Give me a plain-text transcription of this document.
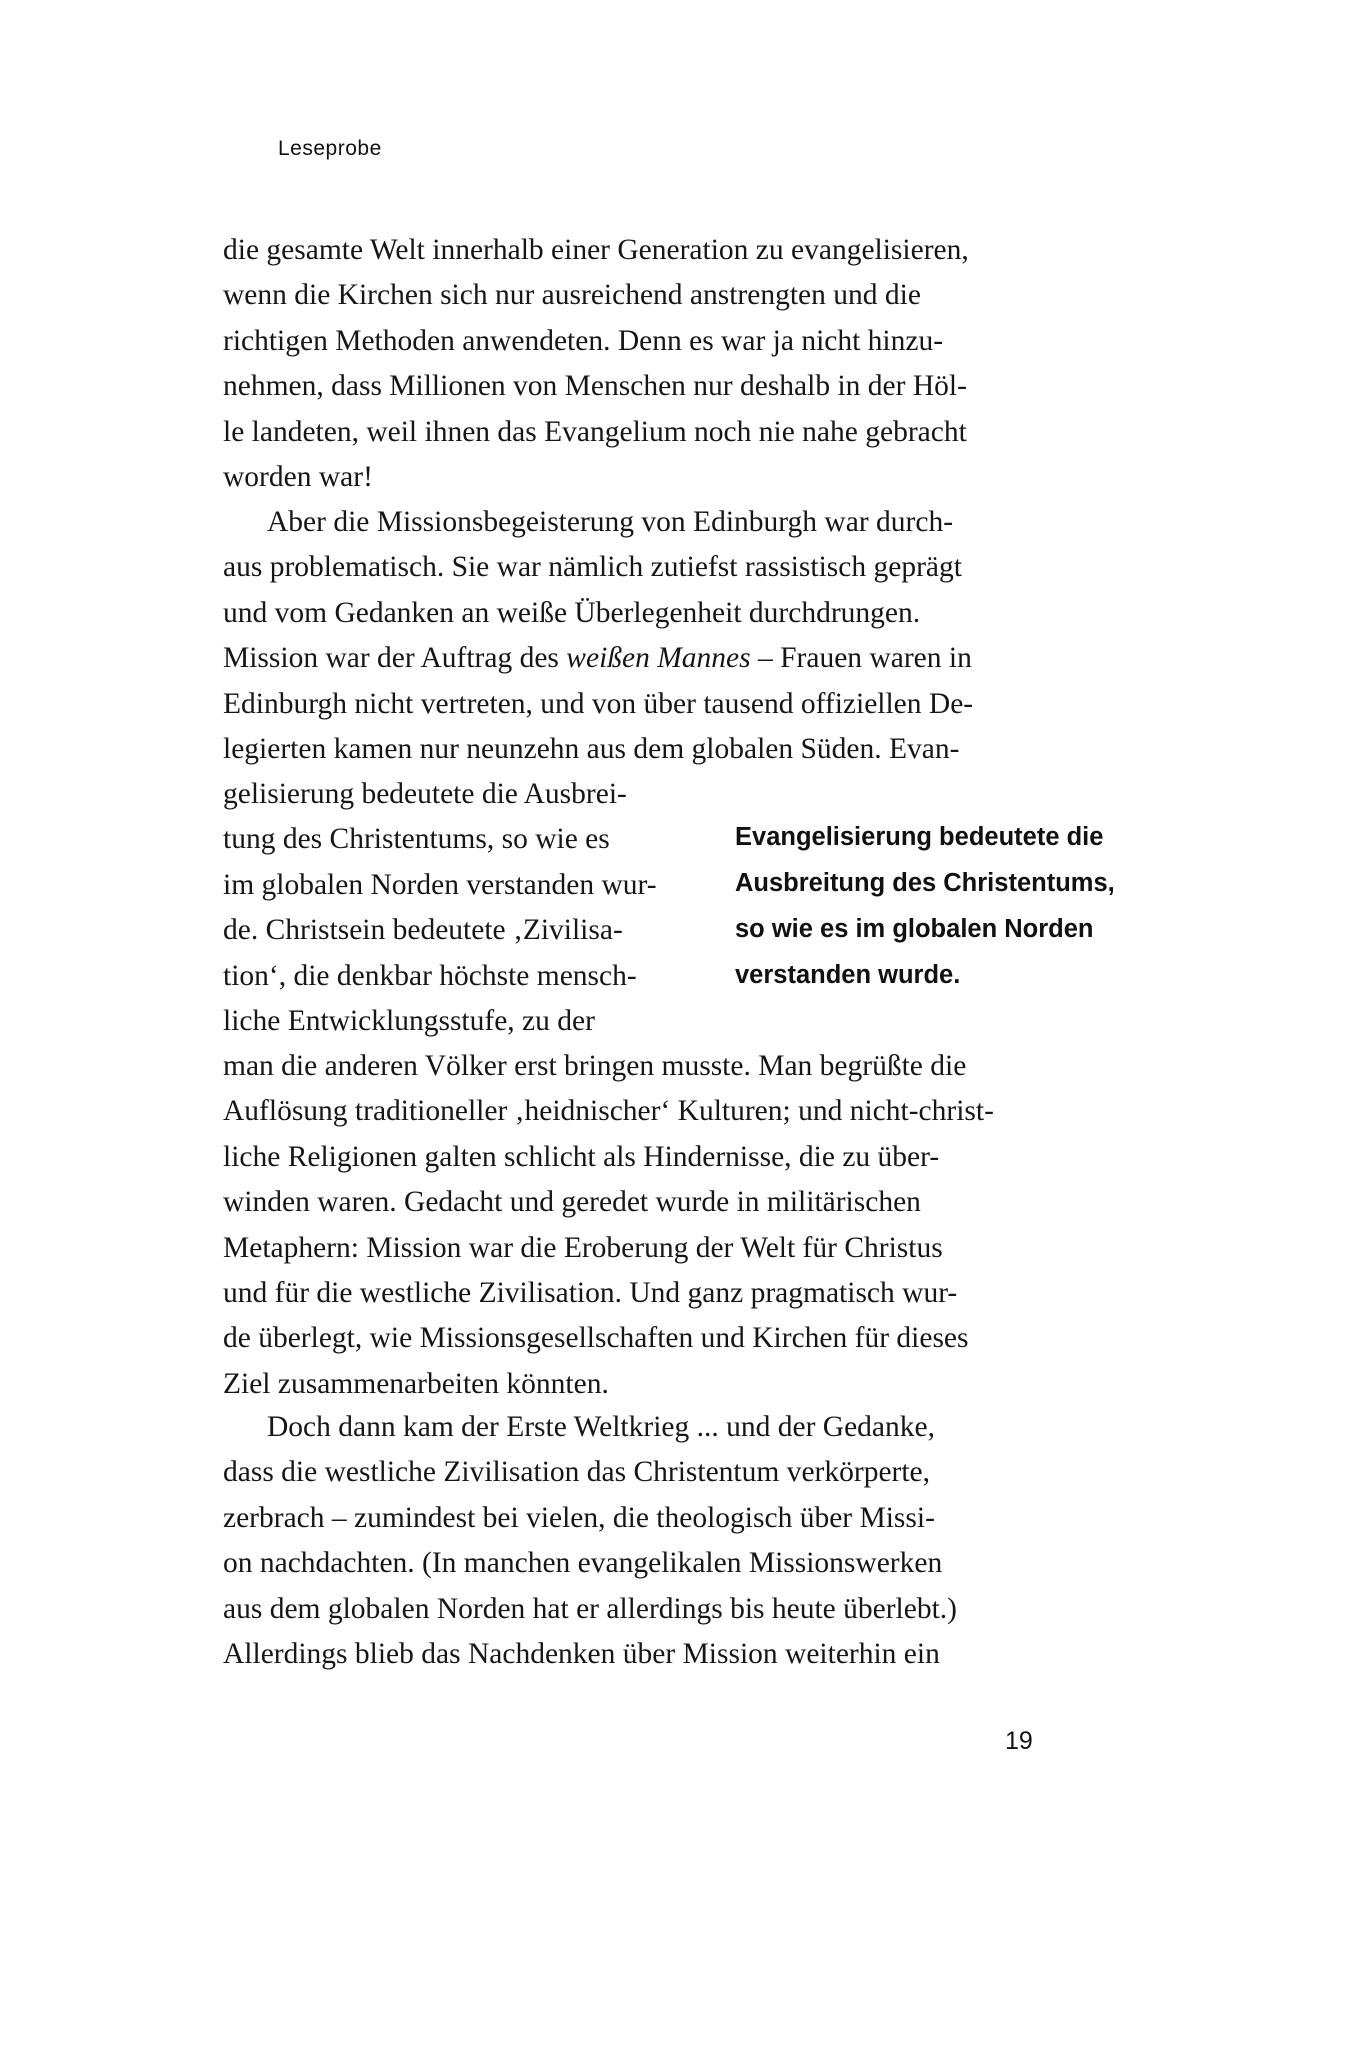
Leseprobe
die gesamte Welt innerhalb einer Generation zu evangelisieren,
wenn die Kirchen sich nur ausreichend anstrengten und die
richtigen Methoden anwendeten. Denn es war ja nicht hinzu-
nehmen, dass Millionen von Menschen nur deshalb in der Höl-
le landeten, weil ihnen das Evangelium noch nie nahe gebracht
worden war!
Aber die Missionsbegeisterung von Edinburgh war durch-
aus problematisch. Sie war nämlich zutiefst rassistisch geprägt
und vom Gedanken an weiße Überlegenheit durchdrungen.
Mission war der Auftrag des weißen Mannes – Frauen waren in
Edinburgh nicht vertreten, und von über tausend offiziellen De-
legierten kamen nur neunzehn aus dem globalen Süden. Evan-
gelisierung bedeutete die Ausbrei-
tung des Christentums, so wie es
im globalen Norden verstanden wur-
de. Christsein bedeutete ‚Zivilisa-
tion‘, die denkbar höchste mensch-
liche Entwicklungsstufe, zu der
Evangelisierung bedeutete die
Ausbreitung des Christentums,
so wie es im globalen Norden
verstanden wurde.
man die anderen Völker erst bringen musste. Man begrüßte die
Auflösung traditioneller ‚heidnischer‘ Kulturen; und nicht-christ-
liche Religionen galten schlicht als Hindernisse, die zu über-
winden waren. Gedacht und geredet wurde in militärischen
Metaphern: Mission war die Eroberung der Welt für Christus
und für die westliche Zivilisation. Und ganz pragmatisch wur-
de überlegt, wie Missionsgesellschaften und Kirchen für dieses
Ziel zusammenarbeiten könnten.
Doch dann kam der Erste Weltkrieg ... und der Gedanke,
dass die westliche Zivilisation das Christentum verkörperte,
zerbrach – zumindest bei vielen, die theologisch über Missi-
on nachdachten. (In manchen evangelikalen Missionswerken
aus dem globalen Norden hat er allerdings bis heute überlebt.)
Allerdings blieb das Nachdenken über Mission weiterhin ein
19
